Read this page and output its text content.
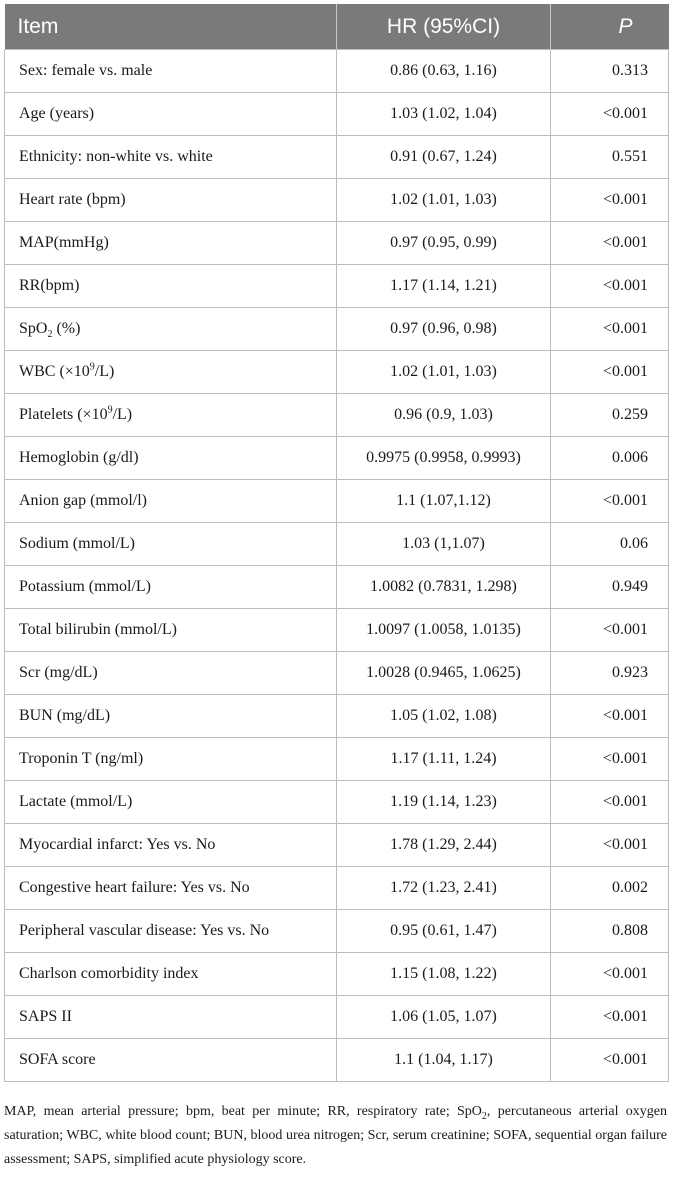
Item	HR (95%CI)	P
Sex: female vs. male	0.86 (0.63, 1.16)	0.313
Age (years)	1.03 (1.02, 1.04)	<0.001
Ethnicity: non-white vs. white	0.91 (0.67, 1.24)	0.551
Heart rate (bpm)	1.02 (1.01, 1.03)	<0.001
MAP(mmHg)	0.97 (0.95, 0.99)	<0.001
RR(bpm)	1.17 (1.14, 1.21)	<0.001
SpO$_2$ (%)	0.97 (0.96, 0.98)	<0.001
WBC $(\times 10^9/L)$	1.02 (1.01, 1.03)	<0.001
Platelets $(\times 10^9/L)$	0.96 (0.9, 1.03)	0.259
Hemoglobin (g/dl)	0.9975 (0.9958, 0.9993)	0.006
Anion gap (mmol/l)	1.1 (1.07,1.12)	<0.001
Sodium (mmol/L)	1.03 (1,1.07)	0.06
Potassium (mmol/L)	1.0082 (0.7831, 1.298)	0.949
Total bilirubin (mmol/L)	1.0097 (1.0058, 1.0135)	<0.001
Scr (mg/dL)	1.0028 (0.9465, 1.0625)	0.923
BUN (mg/dL)	1.05 (1.02, 1.08)	<0.001
Troponin T (ng/ml)	1.17 (1.11, 1.24)	<0.001
Lactate (mmol/L)	1.19 (1.14, 1.23)	<0.001
Myocardial infarct: Yes vs. No	1.78 (1.29, 2.44)	<0.001
Congestive heart failure: Yes vs. No	1.72 (1.23, 2.41)	0.002
Peripheral vascular disease: Yes vs. No	0.95 (0.61, 1.47)	0.808
Charlson comorbidity index	1.15 (1.08, 1.22)	<0.001
SAPS II	1.06 (1.05, 1.07)	<0.001
SOFA score	1.1 (1.04, 1.17)	<0.001

MAP, mean arterial pressure; bpm, beat per minute; RR, respiratory rate; SpO$_2$, percutaneous arterial oxygen saturation; WBC, white blood count; BUN, blood urea nitrogen; Scr, serum creatinine; SOFA, sequential organ failure assessment; SAPS, simplified acute physiology score.
